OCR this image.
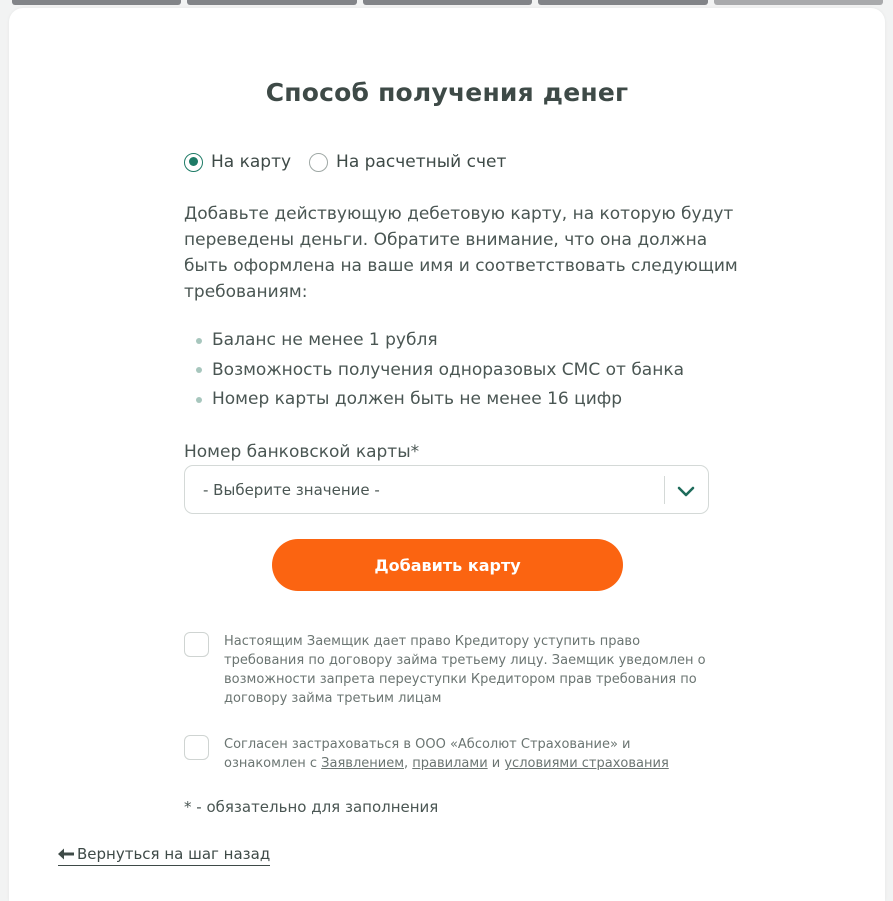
Способ получения денег
На карту	На расчетный счет

Добавьте действующую дебетовую карту, на которую будут переведены деньги. Обратите внимание, что она должна быть оформлена на ваше имя и соответствовать следующим требованиям:

Баланс не менее 1 рубля
Возможность получения одноразовых СМС от банка
Номер карты должен быть не менее 16 цифр
Номер банковской карты*
- Выберите значение -
Добавить карту

Настоящим Заемщик дает право Кредитору уступить право требования по договору займа третьему лицу. Заемщик уведомлен о возможности запрета переуступки Кредитором прав требования по договору займа третьим лицам

Согласен застраховаться в ООО «Абсолют Страхование» и ознакомлен с Заявлением, правилами и условиями страхования

* - обязательно для заполнения
Вернуться на шаг назад
